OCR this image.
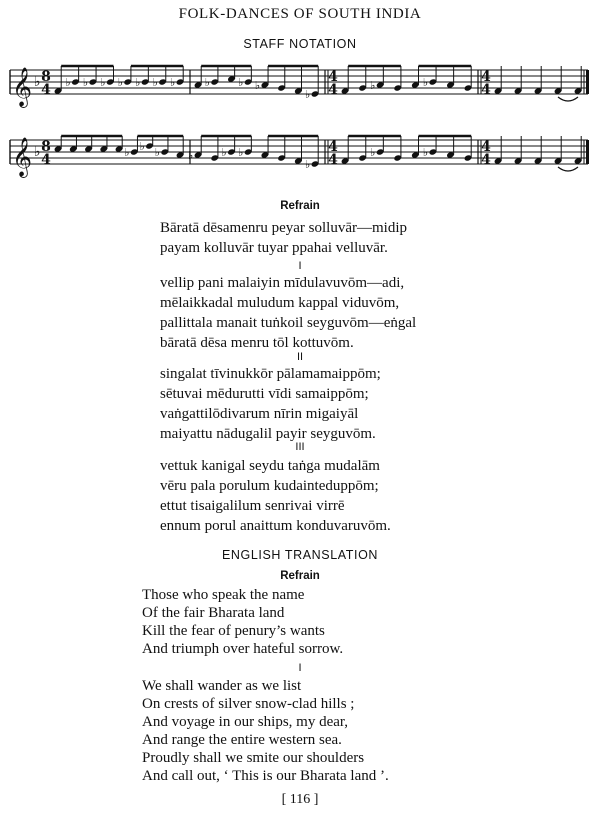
FOLK-DANCES OF SOUTH INDIA
STAFF NOTATION
𝄞 ♭ 8
4 ♭ ♭ ♭ ♭ ♭ ♭ ♭	♭	♭ ♭
♭
4
4	♭	♭	4
4
𝄞 ♭ 8
4	♭ ♭ ♭	♭	♭ ♭
♭
4
4	♭	♭	4
4
Refrain
Bāratā dēsamenru peyar solluvār—midip
payam kolluvār tuyar ppahai velluvār.
I
vellip pani malaiyin mīdulavuvōm—adi,
mēlaikkadal muludum kappal viduvōm,
pallittala manait tuṅkoil seyguvōm—eṅgal
bāratā dēsa menru tōl kottuvōm.
II
singalat tīvinukkōr pālamamaippōm;
sētuvai mēdurutti vīdi samaippōm;
vaṅgattilōdivarum nīrin migaiyāl
maiyattu nādugalil payir seyguvōm.
III
vettuk kanigal seydu taṅga mudalām
vēru pala porulum kudainteduppōm;
ettut tisaigalilum senrivai virrē
ennum porul anaittum konduvaruvōm.
ENGLISH TRANSLATION
Refrain
Those who speak the name
Of the fair Bharata land
Kill the fear of penury’s wants
And triumph over hateful sorrow.
I
We shall wander as we list
On crests of silver snow-clad hills ;
And voyage in our ships, my dear,
And range the entire western sea.
Proudly shall we smite our shoulders
And call out, ‘ This is our Bharata land ’.
[ 116 ]
